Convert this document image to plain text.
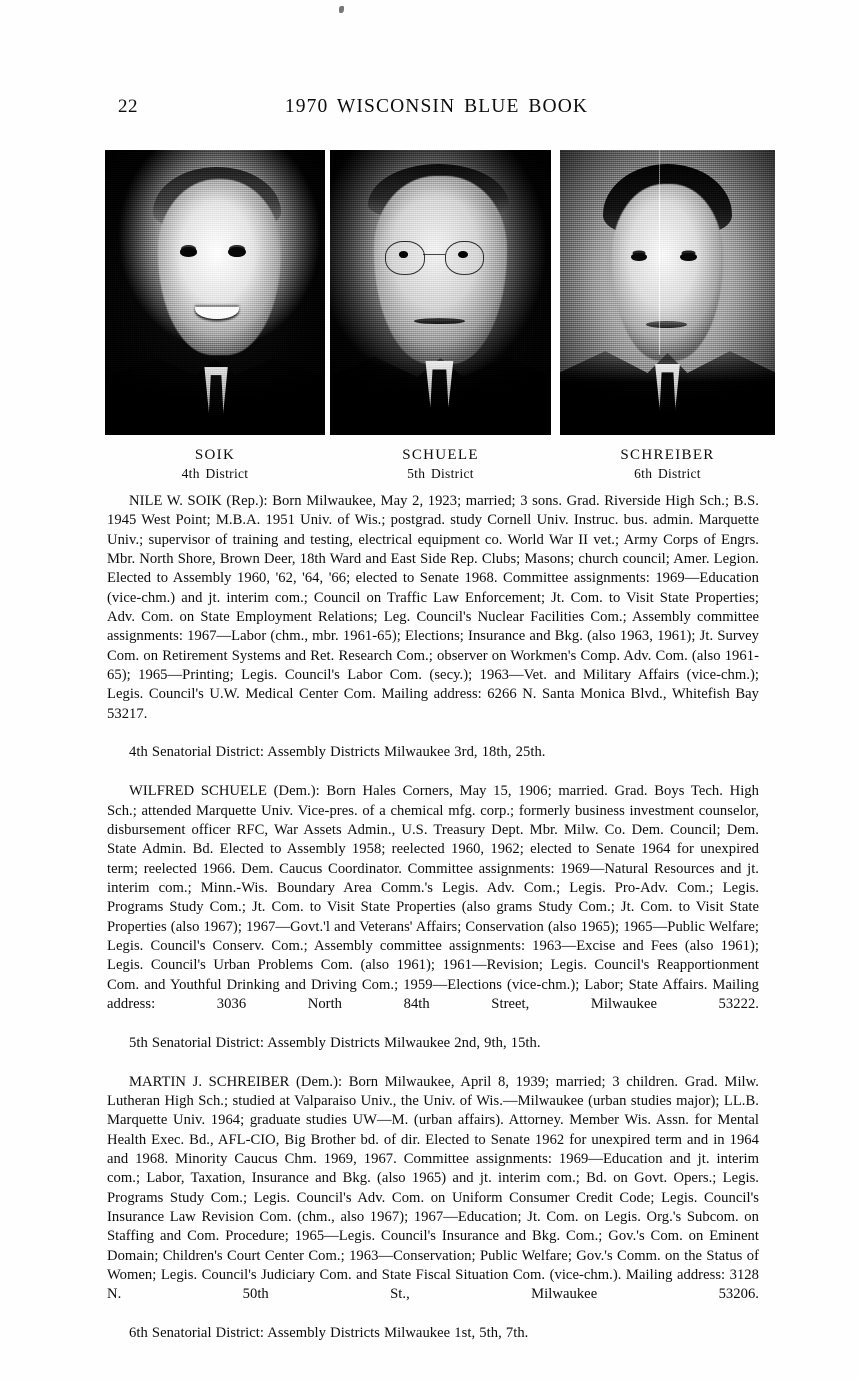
22	1970 WISCONSIN BLUE BOOK
SOIK
4th District
SCHUELE
5th District
SCHREIBER
6th District

NILE W. SOIK (Rep.): Born Milwaukee, May 2, 1923; married; 3 sons. Grad. Riverside High Sch.; B.S. 1945 West Point; M.B.A. 1951 Univ. of Wis.; postgrad. study Cornell Univ. Instruc. bus. admin. Marquette Univ.; supervisor of training and testing, electrical equipment co. World War II vet.; Army Corps of Engrs. Mbr. North Shore, Brown Deer, 18th Ward and East Side Rep. Clubs; Masons; church council; Amer. Legion. Elected to Assembly 1960, '62, '64, '66; elected to Senate 1968. Committee assignments: 1969—Education (vice-chm.) and jt. interim com.; Council on Traffic Law Enforcement; Jt. Com. to Visit State Properties; Adv. Com. on State Employment Relations; Leg. Council's Nuclear Facilities Com.; Assembly committee assignments: 1967—Labor (chm., mbr. 1961-65); Elections; Insurance and Bkg. (also 1963, 1961); Jt. Survey Com. on Retirement Systems and Ret. Research Com.; observer on Workmen's Comp. Adv. Com. (also 1961-65); 1965—Printing; Legis. Council's Labor Com. (secy.); 1963—Vet. and Military Affairs (vice-chm.); Legis. Council's U.W. Medical Center Com. Mailing address: 6266 N. Santa Monica Blvd., Whitefish Bay 53217.

4th Senatorial District: Assembly Districts Milwaukee 3rd, 18th, 25th.

WILFRED SCHUELE (Dem.): Born Hales Corners, May 15, 1906; married. Grad. Boys Tech. High Sch.; attended Marquette Univ. Vice-pres. of a chemical mfg. corp.; formerly business investment counselor, disbursement officer RFC, War Assets Admin., U.S. Treasury Dept. Mbr. Milw. Co. Dem. Council; Dem. State Admin. Bd. Elected to Assembly 1958; reelected 1960, 1962; elected to Senate 1964 for unexpired term; reelected 1966. Dem. Caucus Coordinator. Committee assignments: 1969—Natural Resources and jt. interim com.; Minn.-Wis. Boundary Area Comm.'s Legis. Adv. Com.; Legis. Pro-Adv. Com.; Legis. Programs Study Com.; Jt. Com. to Visit State Properties (also grams Study Com.; Jt. Com. to Visit State Properties (also 1967); 1967—Govt.'l and Veterans' Affairs; Conservation (also 1965); 1965—Public Welfare; Legis. Council's Conserv. Com.; Assembly committee assignments: 1963—Excise and Fees (also 1961); Legis. Council's Urban Problems Com. (also 1961); 1961—Revision; Legis. Council's Reapportionment Com. and Youthful Drinking and Driving Com.; 1959—Elections (vice-chm.); Labor; State Affairs. Mailing address: 3036 North 84th Street, Milwaukee 53222.

5th Senatorial District: Assembly Districts Milwaukee 2nd, 9th, 15th.

MARTIN J. SCHREIBER (Dem.): Born Milwaukee, April 8, 1939; married; 3 children. Grad. Milw. Lutheran High Sch.; studied at Valparaiso Univ., the Univ. of Wis.—Milwaukee (urban studies major); LL.B. Marquette Univ. 1964; graduate studies UW—M. (urban affairs). Attorney. Member Wis. Assn. for Mental Health Exec. Bd., AFL-CIO, Big Brother bd. of dir. Elected to Senate 1962 for unexpired term and in 1964 and 1968. Minority Caucus Chm. 1969, 1967. Committee assignments: 1969—Education and jt. interim com.; Labor, Taxation, Insurance and Bkg. (also 1965) and jt. interim com.; Bd. on Govt. Opers.; Legis. Programs Study Com.; Legis. Council's Adv. Com. on Uniform Consumer Credit Code; Legis. Council's Insurance Law Revision Com. (chm., also 1967); 1967—Education; Jt. Com. on Legis. Org.'s Subcom. on Staffing and Com. Procedure; 1965—Legis. Council's Insurance and Bkg. Com.; Gov.'s Com. on Eminent Domain; Children's Court Center Com.; 1963—Conservation; Public Welfare; Gov.'s Comm. on the Status of Women; Legis. Council's Judiciary Com. and State Fiscal Situation Com. (vice-chm.). Mailing address: 3128 N. 50th St., Milwaukee 53206.

6th Senatorial District: Assembly Districts Milwaukee 1st, 5th, 7th.
